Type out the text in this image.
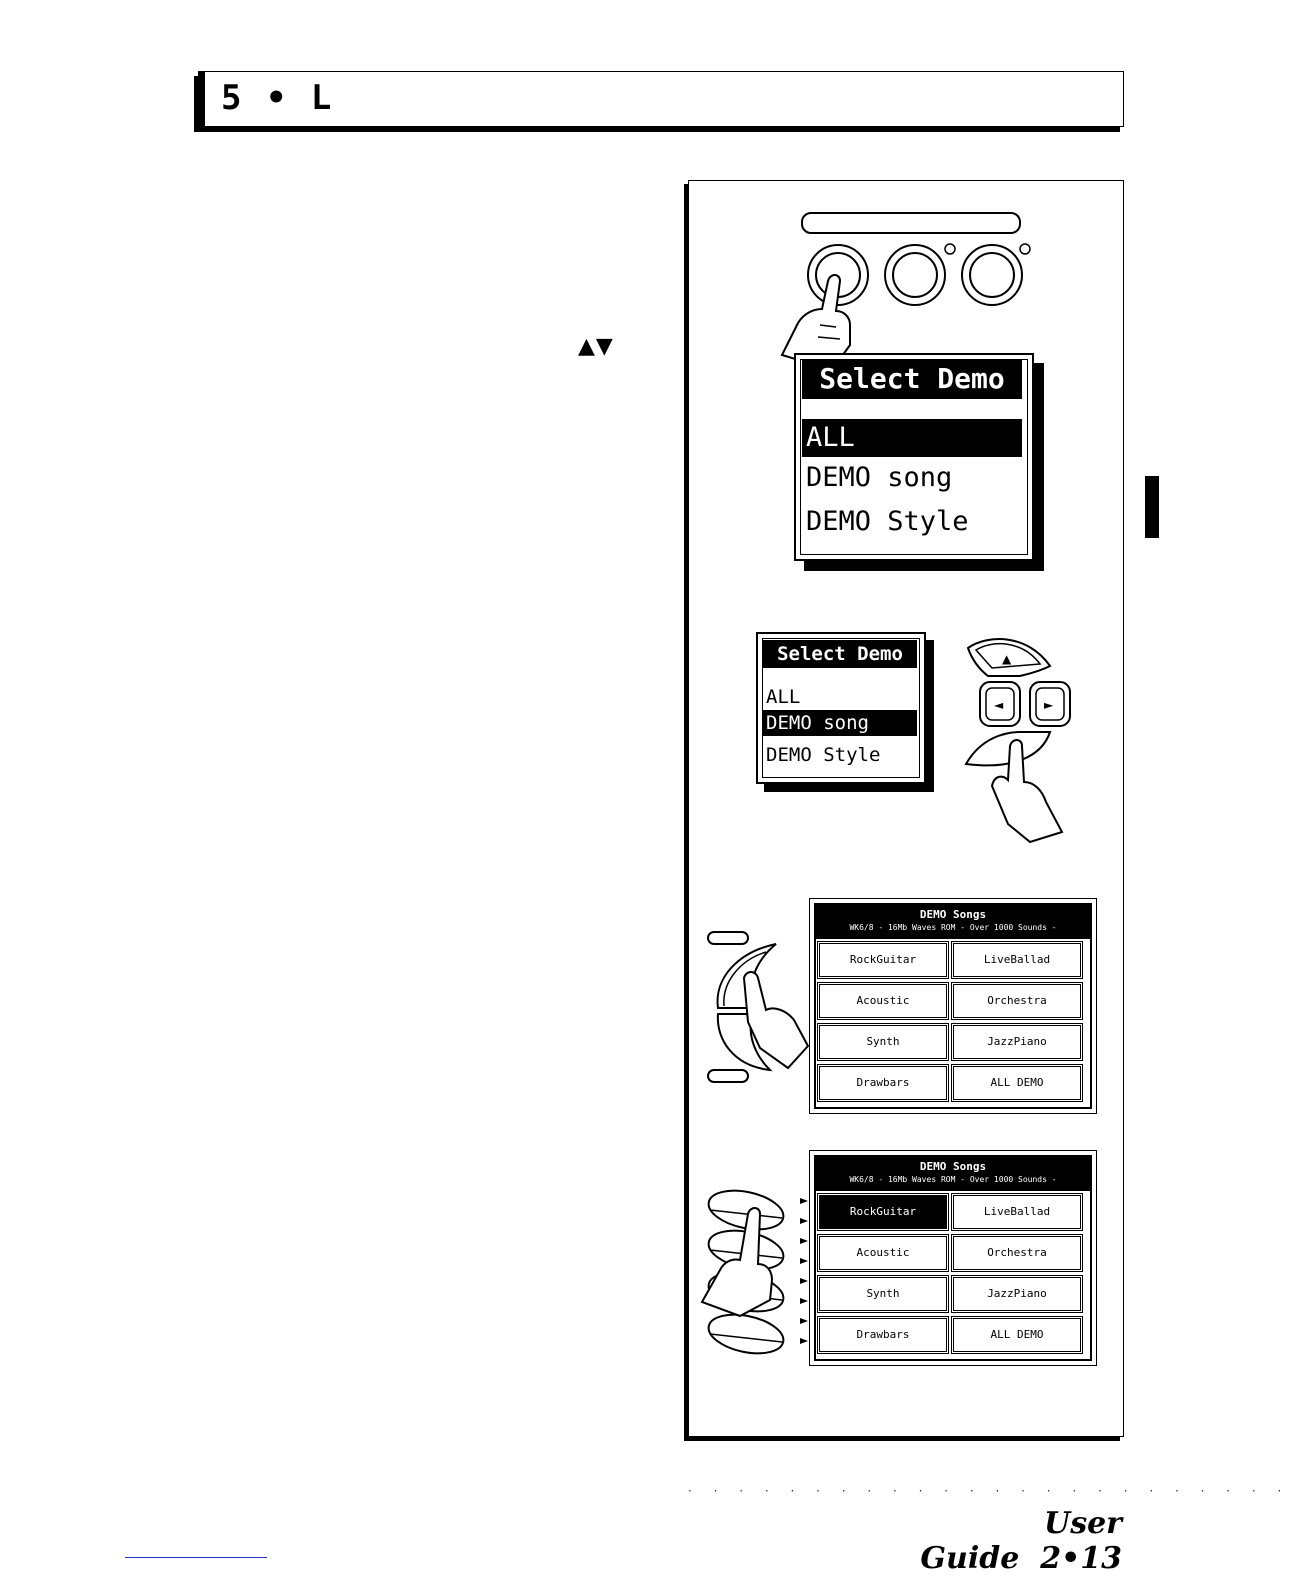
5 • L
▲▼
Select Demo
ALL
DEMO song
DEMO Style
Select Demo
ALL
DEMO song
DEMO Style
▲
◄	►
DEMO Songs
WK6/8 - 16Mb Waves ROM - Over 1000 Sounds -
RockGuitar	LiveBallad
Acoustic	Orchestra
Synth	JazzPiano
Drawbars	ALL DEMO
DEMO Songs
WK6/8 - 16Mb Waves ROM - Over 1000 Sounds -
RockGuitar	LiveBallad
Acoustic	Orchestra
Synth	JazzPiano
Drawbars	ALL DEMO
· · · · · · · · · · · · · · · · · · · · · · · ·
User Guide 2•13
